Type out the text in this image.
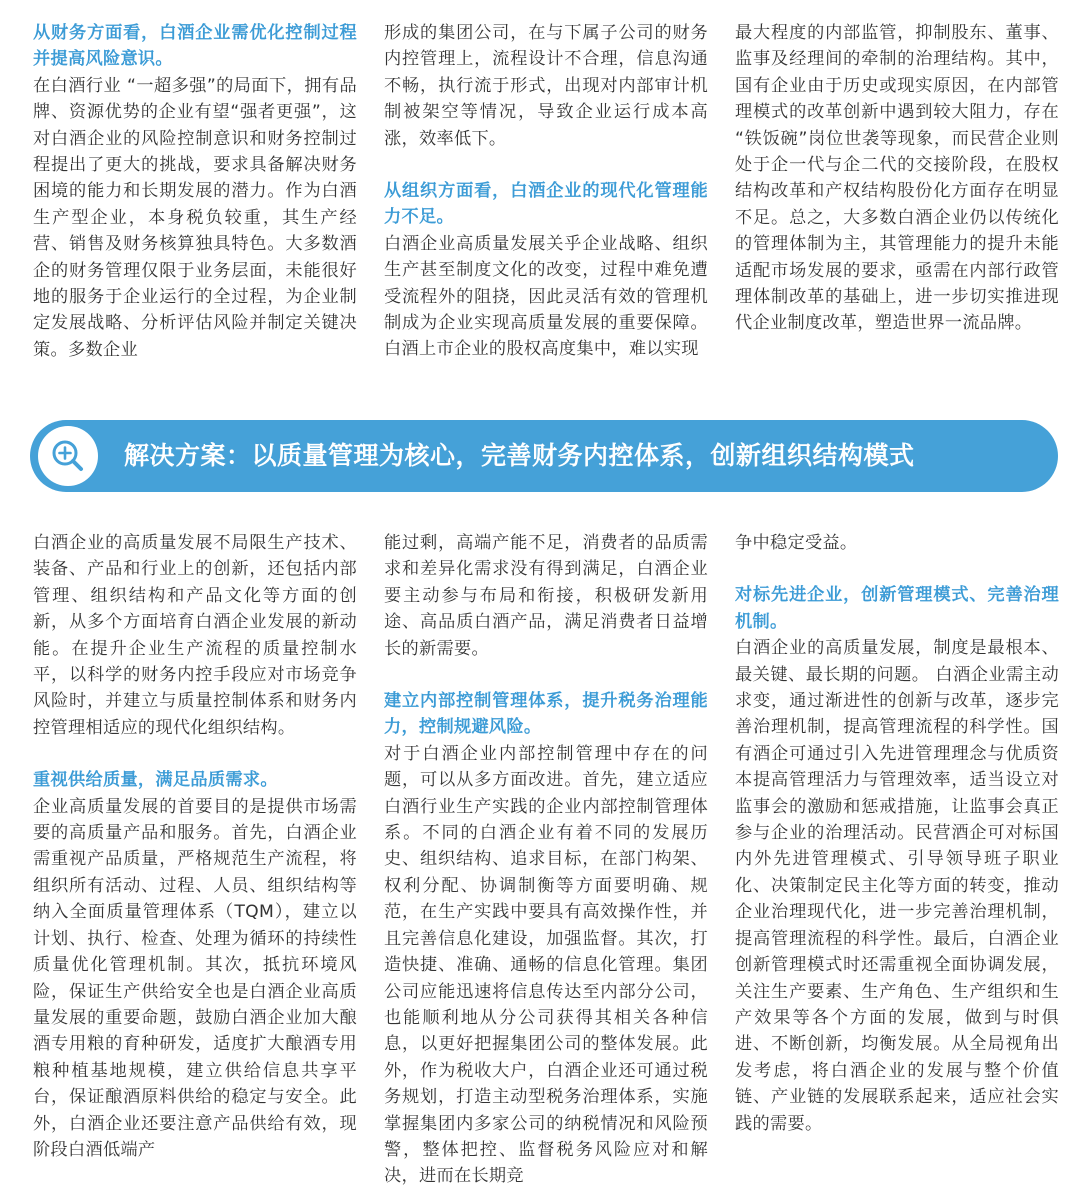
从财务方面看，白酒企业需优化控制过程并提高风险意识。

在白酒行业 “一超多强”的局面下，拥有品牌、资源优势的企业有望“强者更强”，这对白酒企业的风险控制意识和财务控制过程提出了更大的挑战，要求具备解决财务困境的能力和长期发展的潜力。作为白酒生产型企业，本身税负较重，其生产经营、销售及财务核算独具特色。大多数酒企的财务管理仅限于业务层面，未能很好地的服务于企业运行的全过程，为企业制定发展战略、分析评估风险并制定关键决策。多数企业

形成的集团公司，在与下属子公司的财务内控管理上，流程设计不合理，信息沟通不畅，执行流于形式，出现对内部审计机制被架空等情况，导致企业运行成本高涨，效率低下。

从组织方面看，白酒企业的现代化管理能力不足。

白酒企业高质量发展关乎企业战略、组织生产甚至制度文化的改变，过程中难免遭受流程外的阻挠，因此灵活有效的管理机制成为企业实现高质量发展的重要保障。白酒上市企业的股权高度集中，难以实现

最大程度的内部监管，抑制股东、董事、监事及经理间的牵制的治理结构。其中，国有企业由于历史或现实原因，在内部管理模式的改革创新中遇到较大阻力，存在 “铁饭碗”岗位世袭等现象，而民营企业则处于企一代与企二代的交接阶段，在股权结构改革和产权结构股份化方面存在明显不足。总之，大多数白酒企业仍以传统化的管理体制为主，其管理能力的提升未能适配市场发展的要求，亟需在内部行政管理体制改革的基础上，进一步切实推进现代企业制度改革，塑造世界一流品牌。

解决方案：以质量管理为核心，完善财务内控体系，创新组织结构模式

白酒企业的高质量发展不局限生产技术、装备、产品和行业上的创新，还包括内部管理、组织结构和产品文化等方面的创新，从多个方面培育白酒企业发展的新动能。在提升企业生产流程的质量控制水平，以科学的财务内控手段应对市场竞争风险时，并建立与质量控制体系和财务内控管理相适应的现代化组织结构。

重视供给质量，满足品质需求。

企业高质量发展的首要目的是提供市场需要的高质量产品和服务。首先，白酒企业需重视产品质量，严格规范生产流程，将组织所有活动、过程、人员、组织结构等纳入全面质量管理体系（TQM），建立以计划、执行、检查、处理为循环的持续性质量优化管理机制。其次，抵抗环境风险，保证生产供给安全也是白酒企业高质量发展的重要命题，鼓励白酒企业加大酿酒专用粮的育种研发，适度扩大酿酒专用粮种植基地规模，建立供给信息共享平台，保证酿酒原料供给的稳定与安全。此外，白酒企业还要注意产品供给有效，现阶段白酒低端产

能过剩，高端产能不足，消费者的品质需求和差异化需求没有得到满足，白酒企业要主动参与布局和衔接，积极研发新用途、高品质白酒产品，满足消费者日益增长的新需要。

建立内部控制管理体系，提升税务治理能力，控制规避风险。

对于白酒企业内部控制管理中存在的问题，可以从多方面改进。首先，建立适应白酒行业生产实践的企业内部控制管理体系。不同的白酒企业有着不同的发展历史、组织结构、追求目标，在部门构架、权利分配、协调制衡等方面要明确、规范，在生产实践中要具有高效操作性，并且完善信息化建设，加强监督。其次，打造快捷、准确、通畅的信息化管理。集团公司应能迅速将信息传达至内部分公司，也能顺利地从分公司获得其相关各种信息，以更好把握集团公司的整体发展。此外，作为税收大户，白酒企业还可通过税务规划，打造主动型税务治理体系，实施掌握集团内多家公司的纳税情况和风险预警，整体把控、监督税务风险应对和解决，进而在长期竞

争中稳定受益。

对标先进企业，创新管理模式、完善治理机制。

白酒企业的高质量发展，制度是最根本、最关键、最长期的问题。 白酒企业需主动求变，通过渐进性的创新与改革，逐步完善治理机制，提高管理流程的科学性。国有酒企可通过引入先进管理理念与优质资本提高管理活力与管理效率，适当设立对监事会的激励和惩戒措施，让监事会真正参与企业的治理活动。民营酒企可对标国内外先进管理模式、引导领导班子职业化、决策制定民主化等方面的转变，推动企业治理现代化，进一步完善治理机制，提高管理流程的科学性。最后，白酒企业创新管理模式时还需重视全面协调发展，关注生产要素、生产角色、生产组织和生产效果等各个方面的发展，做到与时俱进、不断创新，均衡发展。从全局视角出发考虑，将白酒企业的发展与整个价值链、产业链的发展联系起来，适应社会实践的需要。
